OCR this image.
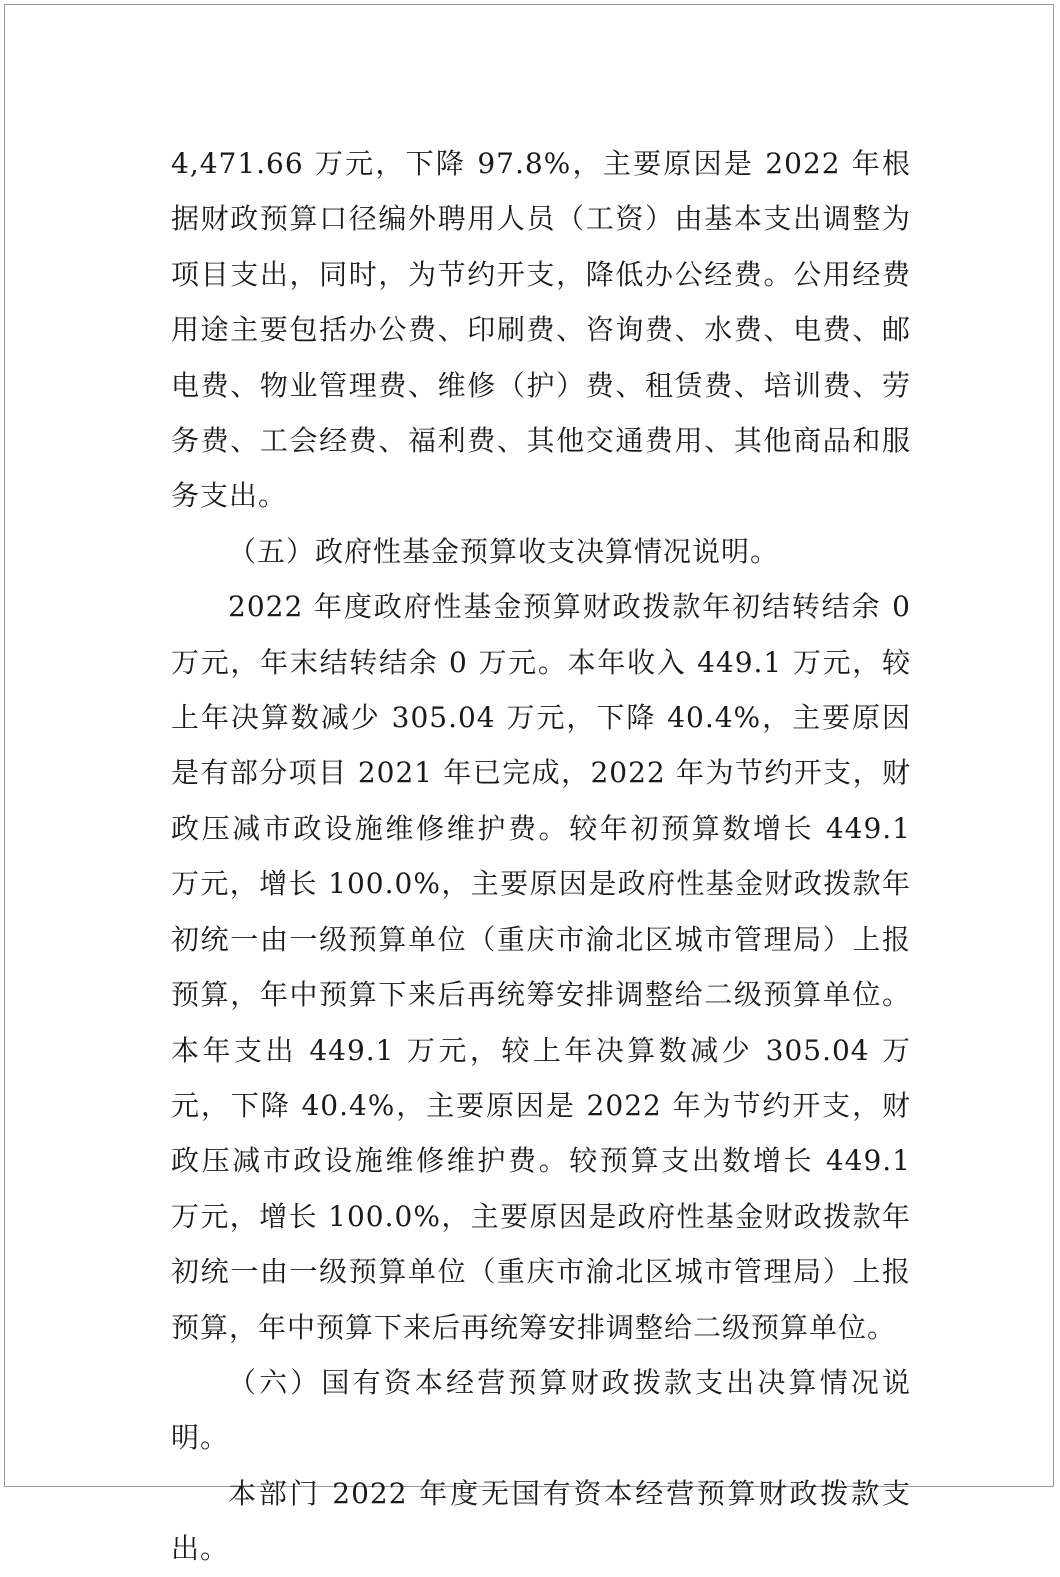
4,471.66 万元，下降 97.8%，主要原因是 2022 年根据财政预算口径编外聘用人员（工资）由基本支出调整为项目支出，同时，为节约开支，降低办公经费。公用经费用途主要包括办公费、印刷费、咨询费、水费、电费、邮电费、物业管理费、维修（护）费、租赁费、培训费、劳务费、工会经费、福利费、其他交通费用、其他商品和服务支出。

（五）政府性基金预算收支决算情况说明。

2022 年度政府性基金预算财政拨款年初结转结余 0 万元，年末结转结余 0 万元。本年收入 449.1 万元，较上年决算数减少 305.04 万元，下降 40.4%，主要原因是有部分项目 2021 年已完成，2022 年为节约开支，财政压减市政设施维修维护费。较年初预算数增长 449.1 万元，增长 100.0%，主要原因是政府性基金财政拨款年初统一由一级预算单位（重庆市渝北区城市管理局）上报预算，年中预算下来后再统筹安排调整给二级预算单位。本年支出 449.1 万元，较上年决算数减少 305.04 万元，下降 40.4%，主要原因是 2022 年为节约开支，财政压减市政设施维修维护费。较预算支出数增长 449.1 万元，增长 100.0%，主要原因是政府性基金财政拨款年初统一由一级预算单位（重庆市渝北区城市管理局）上报预算，年中预算下来后再统筹安排调整给二级预算单位。

（六）国有资本经营预算财政拨款支出决算情况说明。

本部门 2022 年度无国有资本经营预算财政拨款支出。
